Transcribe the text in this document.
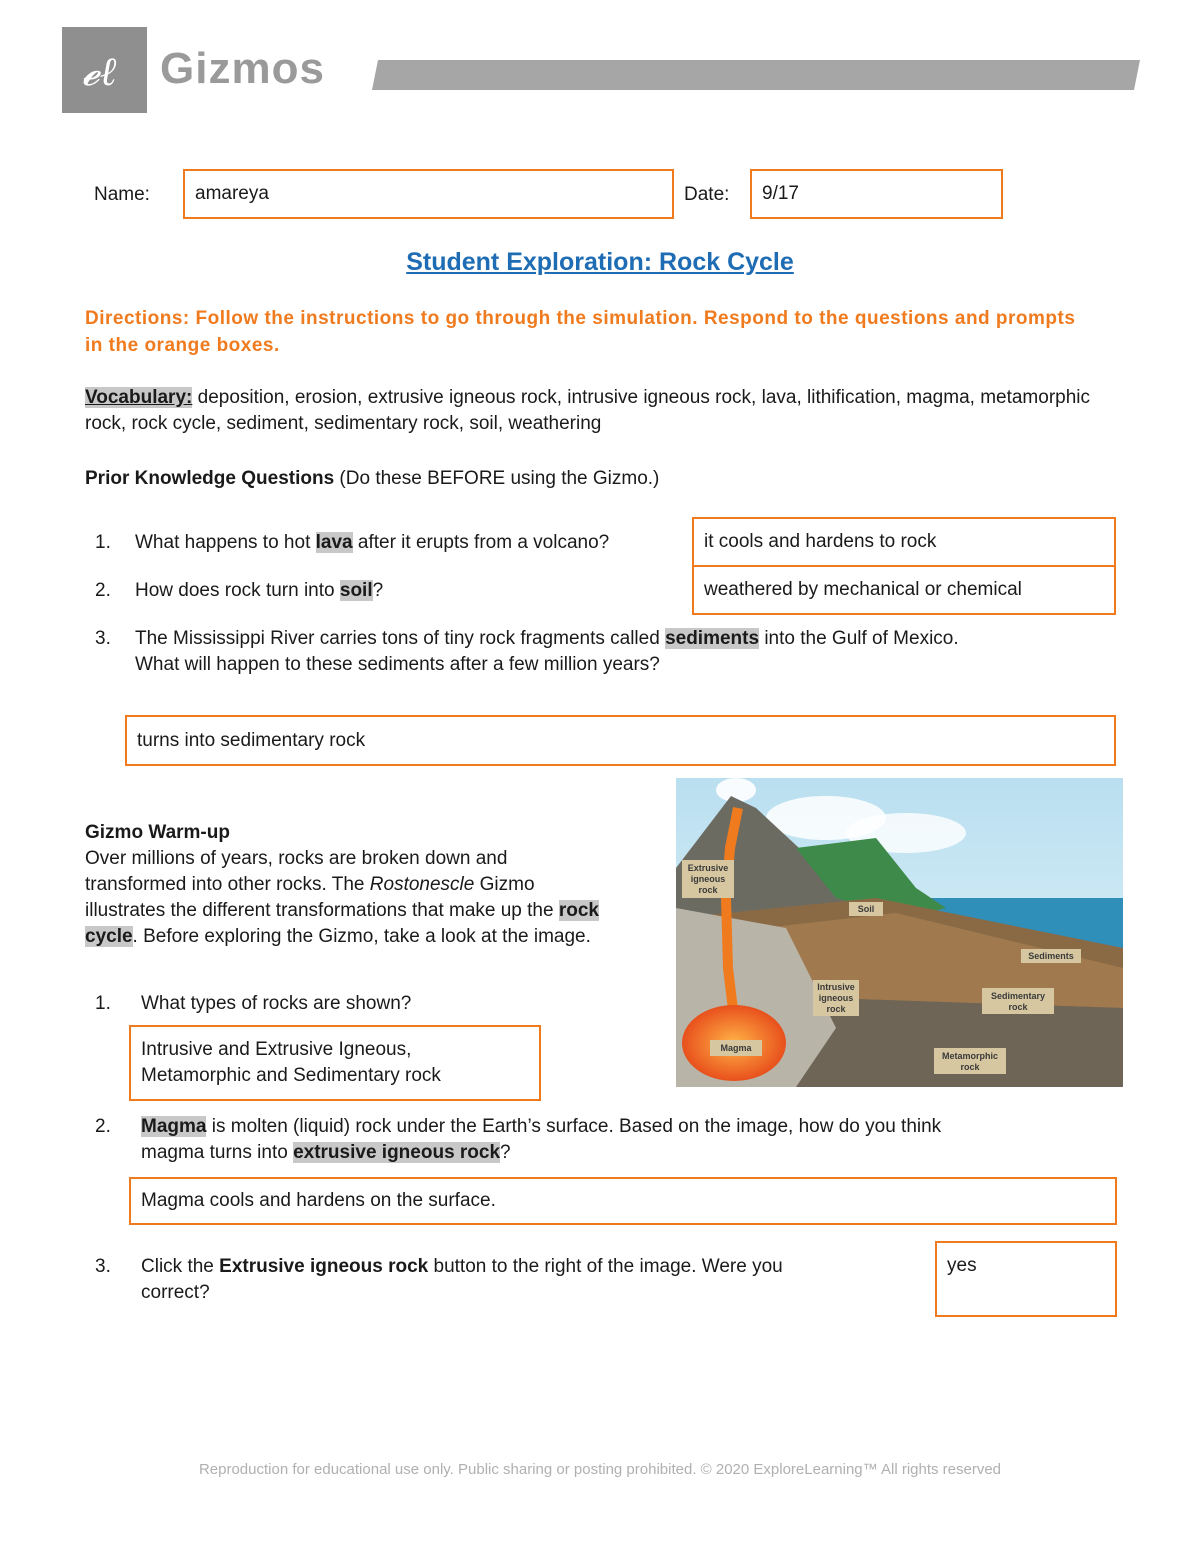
𝓮ℓ Gizmos
Name: amareya	Date: 9/17
Student Exploration: Rock Cycle
Directions: Follow the instructions to go through the simulation. Respond to the questions and prompts in the orange boxes.
Vocabulary: deposition, erosion, extrusive igneous rock, intrusive igneous rock, lava, lithification, magma, metamorphic rock, rock cycle, sediment, sedimentary rock, soil, weathering
Prior Knowledge Questions (Do these BEFORE using the Gizmo.)
1. What happens to hot lava after it erupts from a volcano?	it cools and hardens to rock
2. How does rock turn into soil?	weathered by mechanical or chemical
3. The Mississippi River carries tons of tiny rock fragments called sediments into the Gulf of Mexico.
What will happen to these sediments after a few million years?
turns into sedimentary rock
Gizmo Warm-up
Over millions of years, rocks are broken down and
transformed into other rocks. The Rostonescle Gizmo
illustrates the different transformations that make up the rock
cycle. Before exploring the Gizmo, take a look at the image.
Extrusive
igneous
rock
Soil
Sediments
Intrusive
igneous
rock
Sedimentary
rock
Magma
Metamorphic
rock
1. What types of rocks are shown?
Intrusive and Extrusive Igneous,
Metamorphic and Sedimentary rock
2. Magma is molten (liquid) rock under the Earth’s surface. Based on the image, how do you think
magma turns into extrusive igneous rock?
Magma cools and hardens on the surface.
3. Click the Extrusive igneous rock button to the right of the image. Were you
correct?
yes
Reproduction for educational use only. Public sharing or posting prohibited. © 2020 ExploreLearning™ All rights reserved
